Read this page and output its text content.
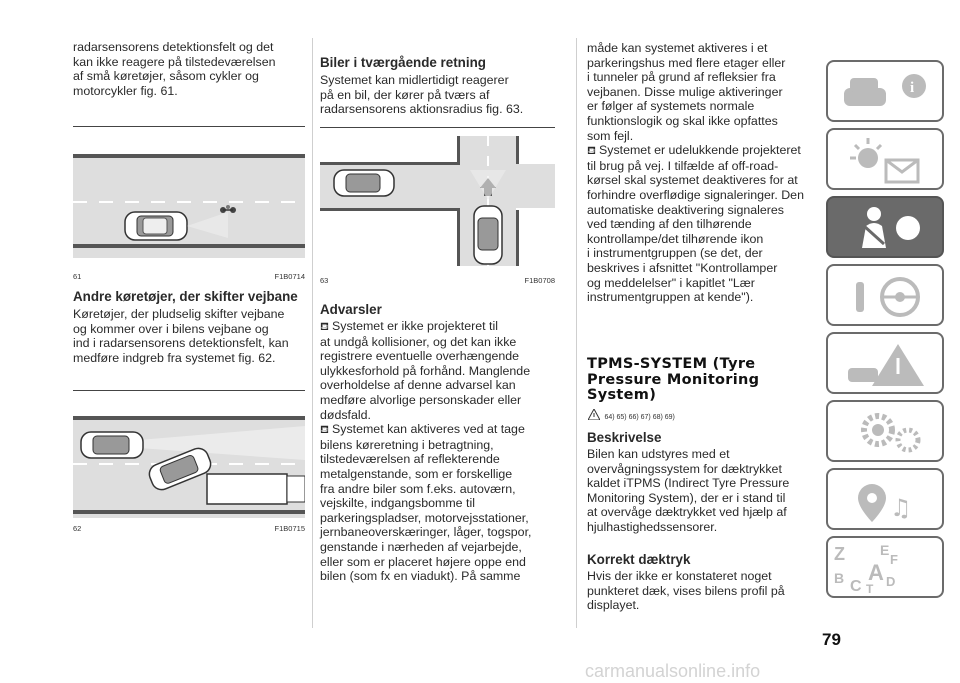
radarsensorens detektionsfelt og det

kan ikke reagere på tilstedeværelsen

af små køretøjer, såsom cykler og

motorcykler fig. 61.

61	F1B0714
Andre køretøjer, der skifter vejbane

Køretøjer, der pludselig skifter vejbane

og kommer over i bilens vejbane og

ind i radarsensorens detektionsfelt, kan

medføre indgreb fra systemet fig. 62.

62	F1B0715
Biler i tværgående retning

Systemet kan midlertidigt reagerer

på en bil, der kører på tværs af

radarsensorens aktionsradius fig. 63.

63	F1B0708
Advarsler

⛾ Systemet er ikke projekteret til

at undgå kollisioner, og det kan ikke

registrere eventuelle overhængende

ulykkesforhold på forhånd. Manglende

overholdelse af denne advarsel kan

medføre alvorlige personskader eller

dødsfald.

⛾ Systemet kan aktiveres ved at tage

bilens køreretning i betragtning,

tilstedeværelsen af reflekterende

metalgenstande, som er forskellige

fra andre biler som f.eks. autoværn,

vejskilte, indgangsbomme til

parkeringspladser, motorvejsstationer,

jernbaneoverskæringer, låger, togspor,

genstande i nærheden af vejarbejde,

eller som er placeret højere oppe end

bilen (som fx en viadukt). På samme

måde kan systemet aktiveres i et

parkeringshus med flere etager eller

i tunneler på grund af refleksier fra

vejbanen. Disse mulige aktiveringer

er følger af systemets normale

funktionslogik og skal ikke opfattes

som fejl.

⛾ Systemet er udelukkende projekteret

til brug på vej. I tilfælde af off-road-

kørsel skal systemet deaktiveres for at

forhindre overflødige signaleringer. Den

automatiske deaktivering signaleres

ved tænding af den tilhørende

kontrollampe/det tilhørende ikon

i instrumentgruppen (se det, der

beskrives i afsnittet "Kontrollamper

og meddelelser" i kapitlet "Lær

instrumentgruppen at kende").

TPMS-SYSTEM (Tyre
Pressure Monitoring
System)
64) 65) 66) 67) 68) 69)
Beskrivelse

Bilen kan udstyres med et

overvågningssystem for dæktrykket

kaldet iTPMS (Indirect Tyre Pressure

Monitoring System), der er i stand til

at overvåge dæktrykket ved hjælp af

hjulhastighedssensorer.

Korrekt dæktryk

Hvis der ikke er konstateret noget

punkteret dæk, vises bilens profil på

displayet.

i
♫
Z	E
B A
C T D
F
79
carmanualsonline.info
